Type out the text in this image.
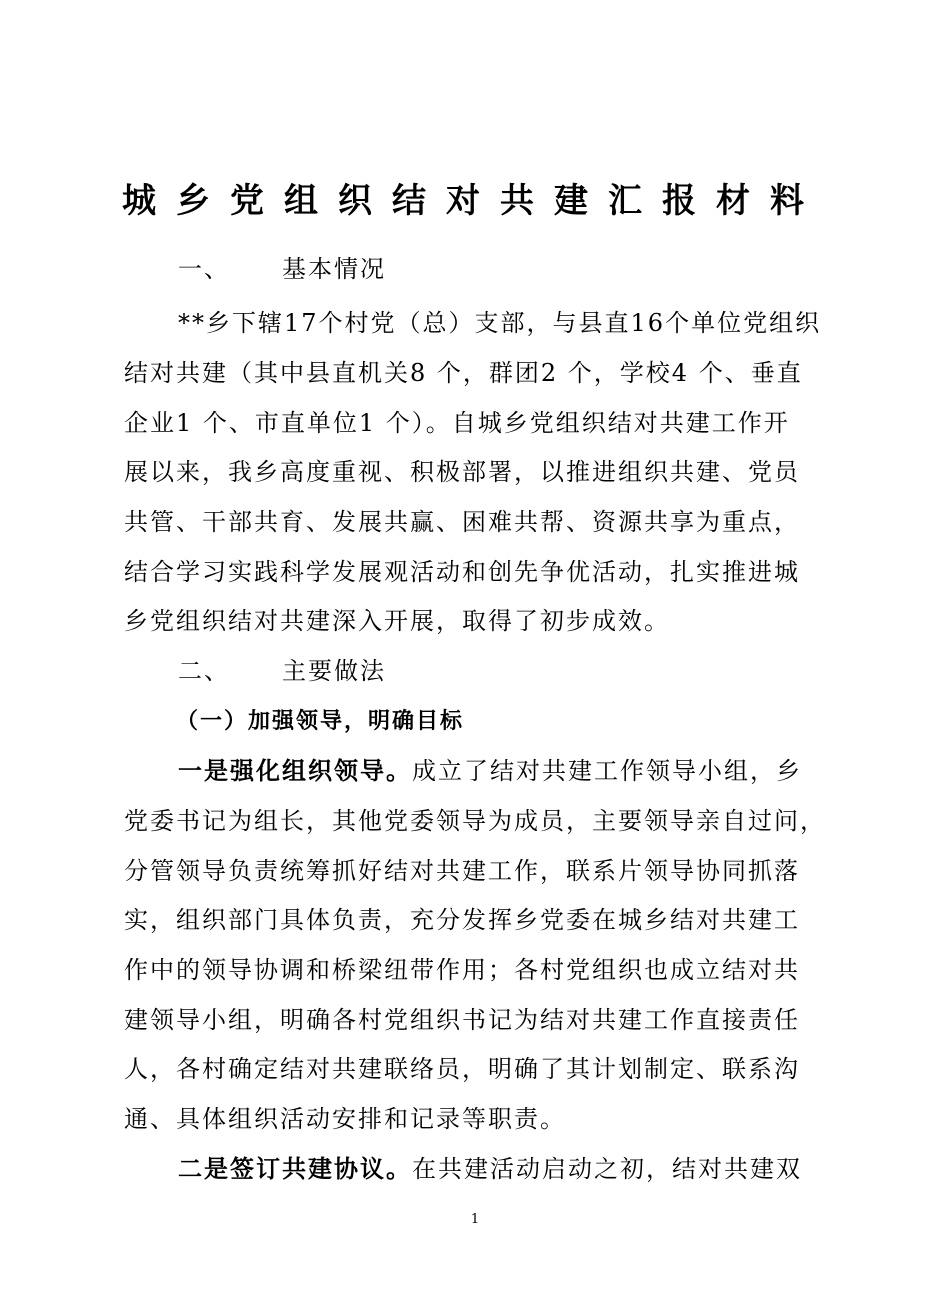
城乡党组织结对共建汇报材料
一、 基本情况
**乡下辖17个村党（总）支部，与县直16个单位党组织
结对共建（其中县直机关8 个，群团2 个，学校4 个、垂直
企业1 个、市直单位1 个）。自城乡党组织结对共建工作开
展以来，我乡高度重视、积极部署，以推进组织共建、党员
共管、干部共育、发展共赢、困难共帮、资源共享为重点，
结合学习实践科学发展观活动和创先争优活动，扎实推进城
乡党组织结对共建深入开展，取得了初步成效。
二、 主要做法
（一）加强领导，明确目标
一是强化组织领导。成立了结对共建工作领导小组，乡
党委书记为组长，其他党委领导为成员，主要领导亲自过问，
分管领导负责统筹抓好结对共建工作，联系片领导协同抓落
实，组织部门具体负责，充分发挥乡党委在城乡结对共建工
作中的领导协调和桥梁纽带作用；各村党组织也成立结对共
建领导小组，明确各村党组织书记为结对共建工作直接责任
人，各村确定结对共建联络员，明确了其计划制定、联系沟
通、具体组织活动安排和记录等职责。
二是签订共建协议。在共建活动启动之初，结对共建双
1
